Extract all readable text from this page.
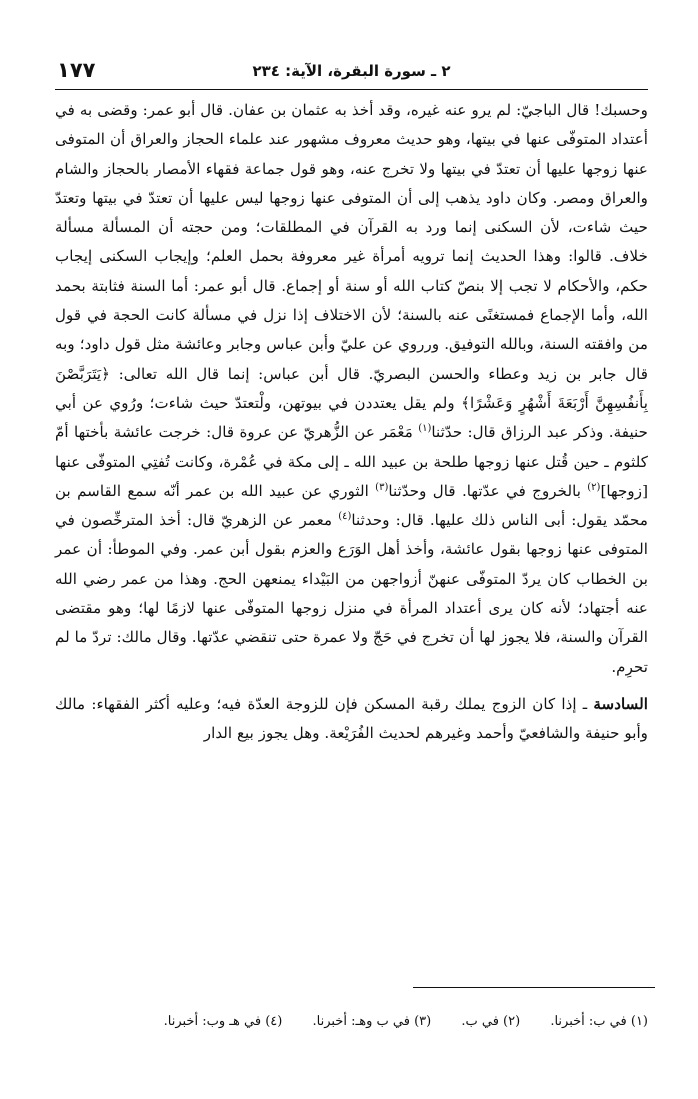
٢ ـ سورة البقرة، الآية: ٢٣٤
١٧٧

وحسبك! قال الباجيّ: لم يرو عنه غيره، وقد أخذ به عثمان بن عفان. قال أبو عمر: وقضى به في أعتداد المتوفّى عنها في بيتها، وهو حديث معروف مشهور عند علماء الحجاز والعراق أن المتوفى عنها زوجها عليها أن تعتدّ في بيتها ولا تخرج عنه، وهو قول جماعة فقهاء الأمصار بالحجاز والشام والعراق ومصر. وكان داود يذهب إلى أن المتوفى عنها زوجها ليس عليها أن تعتدّ في بيتها وتعتدّ حيث شاءت، لأن السكنى إنما ورد به القرآن في المطلقات؛ ومن حجته أن المسألة مسألة خلاف. قالوا: وهذا الحديث إنما ترويه أمرأة غير معروفة بحمل العلم؛ وإيجاب السكنى إيجاب حكم، والأحكام لا تجب إلا بنصّ كتاب الله أو سنة أو إجماع. قال أبو عمر: أما السنة فثابتة بحمد الله، وأما الإجماع فمستغنًى عنه بالسنة؛ لأن الاختلاف إذا نزل في مسألة كانت الحجة في قول من وافقته السنة، وبالله التوفيق. ورروي عن عليّ وأبن عباس وجابر وعائشة مثل قول داود؛ وبه قال جابر بن زيد وعطاء والحسن البصريّ. قال أبن عباس: إنما قال الله تعالى: ﴿يَتَرَبَّصْنَ بِأَنفُسِهِنَّ أَرْبَعَةَ أَشْهُرٍ وَعَشْرًا﴾ ولم يقل يعتددن في بيوتهن، ولْتعتدّ حيث شاءت؛ ورُوي عن أبي حنيفة. وذكر عبد الرزاق قال: حدّثنا$^{(١)}$ مَعْمَر عن الزُّهريّ عن عروة قال: خرجت عائشة بأختها أمّ كلثوم ـ حين قُتل عنها زوجها طلحة بن عبيد الله ـ إلى مكة في عُمْرة، وكانت تُفتِي المتوفّى عنها [زوجها]$^{(٢)}$ بالخروج في عدّتها. قال وحدّثنا$^{(٣)}$ الثوري عن عبيد الله بن عمر أنّه سمع القاسم بن محمّد يقول: أبى الناس ذلك عليها. قال: وحدثنا$^{(٤)}$ معمر عن الزهريّ قال: أخذ المترخِّصون في المتوفى عنها زوجها بقول عائشة، وأخذ أهل الوَرَع والعزم بقول أبن عمر. وفي الموطأ: أن عمر بن الخطاب كان يردّ المتوفّى عنهنّ أزواجهن من البَيْداء يمنعهن الحج. وهذا من عمر رضي الله عنه أجتهاد؛ لأنه كان يرى أعتداد المرأة في منزل زوجها المتوفّى عنها لازمًا لها؛ وهو مقتضى القرآن والسنة، فلا يجوز لها أن تخرج في حَجّ ولا عمرة حتى تنقضي عدّتها. وقال مالك: تردّ ما لم تحرِم.

السادسة ـ إذا كان الزوج يملك رقبة المسكن فإن للزوجة العدّة فيه؛ وعليه أكثر الفقهاء: مالك وأبو حنيفة والشافعيّ وأحمد وغيرهم لحديث الفُرَيْعة. وهل يجوز بيع الدار

(١) في ب: أخبرنا. (٢) في ب. (٣) في ب وهـ: أخبرنا. (٤) في هـ وب: أخبرنا.
